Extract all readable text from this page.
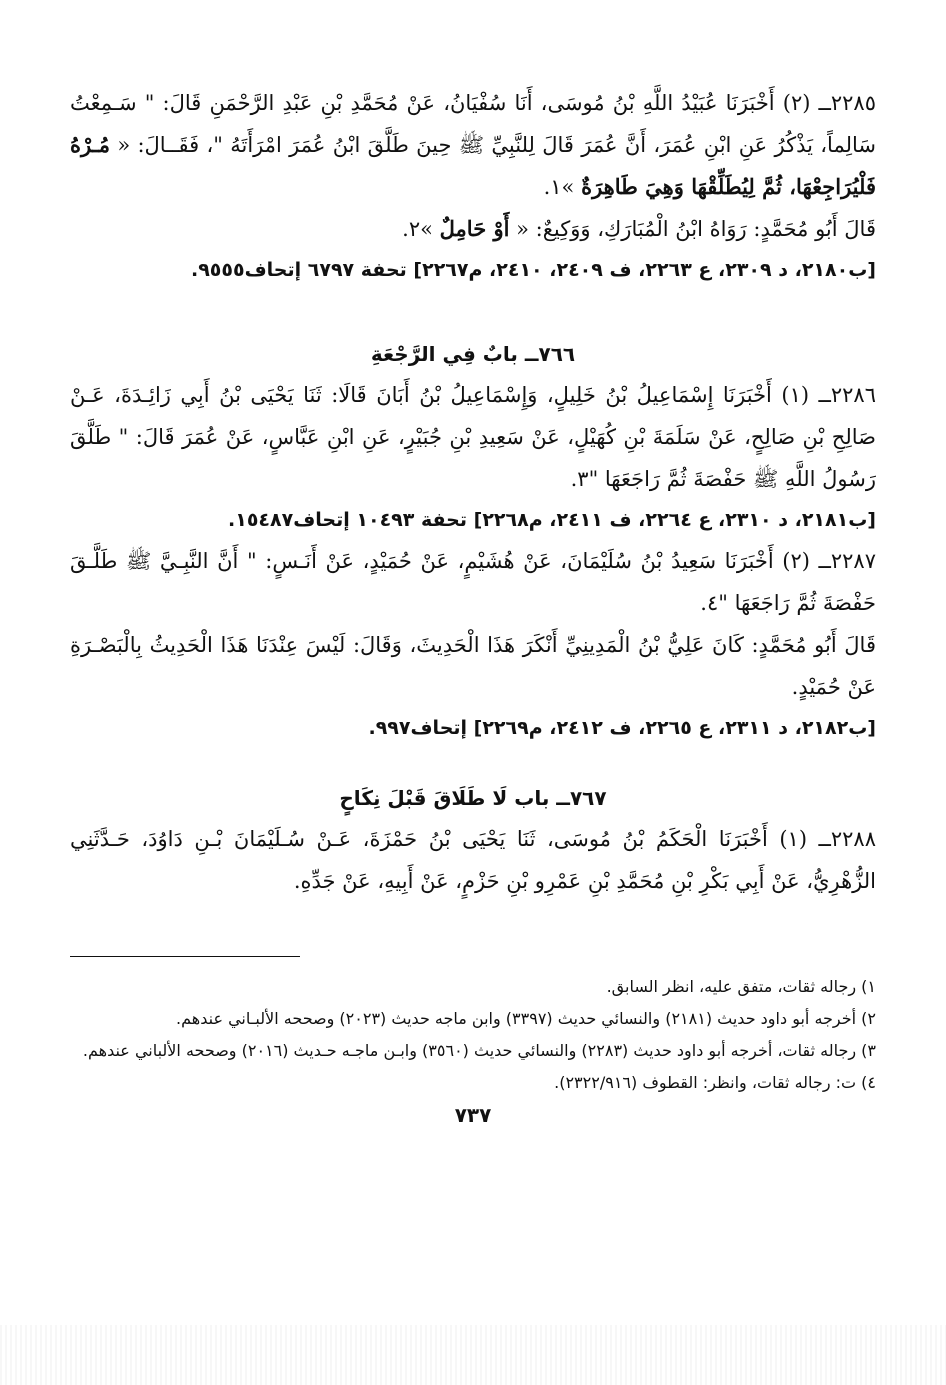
٢٢٨٥ــ (٢) أَخْبَرَنَا عُبَيْدُ اللَّهِ بْنُ مُوسَى، أَنَا سُفْيَانُ، عَنْ مُحَمَّدِ بْنِ عَبْدِ الرَّحْمَنِ قَالَ: " سَـمِعْتُ سَالِماً، يَذْكُرُ عَنِ ابْنِ عُمَرَ، أَنَّ عُمَرَ قَالَ لِلنَّبِيِّ ﷺ حِينَ طَلَّقَ ابْنُ عُمَرَ امْرَأَتَهُ "، فَقَــالَ: « مُـرْهُ فَلْيُرَاجِعْهَا، ثُمَّ لِيُطَلِّقْهَا وَهِيَ طَاهِرَةٌ »١.

قَالَ أَبُو مُحَمَّدٍ: رَوَاهُ ابْنُ الْمُبَارَكِ، وَوَكِيعٌ: « أَوْ حَامِلٌ »٢.

[ب٢١٨٠، د ٢٣٠٩، ع ٢٢٦٣، ف ٢٤٠٩، ٢٤١٠، م٢٢٦٧] تحفة ٦٧٩٧ إتحاف٩٥٥٥.

٧٦٦ــ بابٌ فِي الرَّجْعَةِ

٢٢٨٦ــ (١) أَخْبَرَنَا إِسْمَاعِيلُ بْنُ خَلِيلٍ، وَإِسْمَاعِيلُ بْنُ أَبَانَ قَالَا: ثَنَا يَحْيَى بْنُ أَبِي زَائِـدَةَ، عَـنْ صَالِحِ بْنِ صَالِحٍ، عَنْ سَلَمَةَ بْنِ كُهَيْلٍ، عَنْ سَعِيدِ بْنِ جُبَيْرٍ، عَنِ ابْنِ عَبَّاسٍ، عَنْ عُمَرَ قَالَ: " طَلَّقَ رَسُولُ اللَّهِ ﷺ حَفْصَةَ ثُمَّ رَاجَعَهَا "٣.

[ب٢١٨١، د ٢٣١٠، ع ٢٢٦٤، ف ٢٤١١، م٢٢٦٨] تحفة ١٠٤٩٣ إتحاف١٥٤٨٧.

٢٢٨٧ــ (٢) أَخْبَرَنَا سَعِيدُ بْنُ سُلَيْمَانَ، عَنْ هُشَيْمٍ، عَنْ حُمَيْدٍ، عَنْ أَنَـسٍ: " أَنَّ النَّبِـيَّ ﷺ طَلَّـقَ حَفْصَةَ ثُمَّ رَاجَعَهَا "٤.

قَالَ أَبُو مُحَمَّدٍ: كَانَ عَلِيُّ بْنُ الْمَدِينِيِّ أَنْكَرَ هَذَا الْحَدِيثَ، وَقَالَ: لَيْسَ عِنْدَنَا هَذَا الْحَدِيثُ بِالْبَصْـرَةِ عَنْ حُمَيْدٍ.

[ب٢١٨٢، د ٢٣١١، ع ٢٢٦٥، ف ٢٤١٢، م٢٢٦٩] إتحاف٩٩٧.

٧٦٧ــ باب لَا طَلَاقَ قَبْلَ نِكَاحٍ

٢٢٨٨ــ (١) أَخْبَرَنَا الْحَكَمُ بْنُ مُوسَى، ثَنَا يَحْيَى بْنُ حَمْزَةَ، عَـنْ سُـلَيْمَانَ بْـنِ دَاوُدَ، حَـدَّثَنِي الزُّهْرِيُّ، عَنْ أَبِي بَكْرِ بْنِ مُحَمَّدِ بْنِ عَمْرِو بْنِ حَزْمٍ، عَنْ أَبِيهِ، عَنْ جَدِّهِ.

١) رجاله ثقات، متفق عليه، انظر السابق.

٢) أخرجه أبو داود حديث (٢١٨١) والنسائي حديث (٣٣٩٧) وابن ماجه حديث (٢٠٢٣) وصححه الألبـاني عندهم.

٣) رجاله ثقات، أخرجه أبو داود حديث (٢٢٨٣) والنسائي حديث (٣٥٦٠) وابـن ماجـه حـديث (٢٠١٦) وصححه الألباني عندهم.

٤) ت: رجاله ثقات، وانظر: القطوف (٢٣٢٢/٩١٦).

٧٣٧
